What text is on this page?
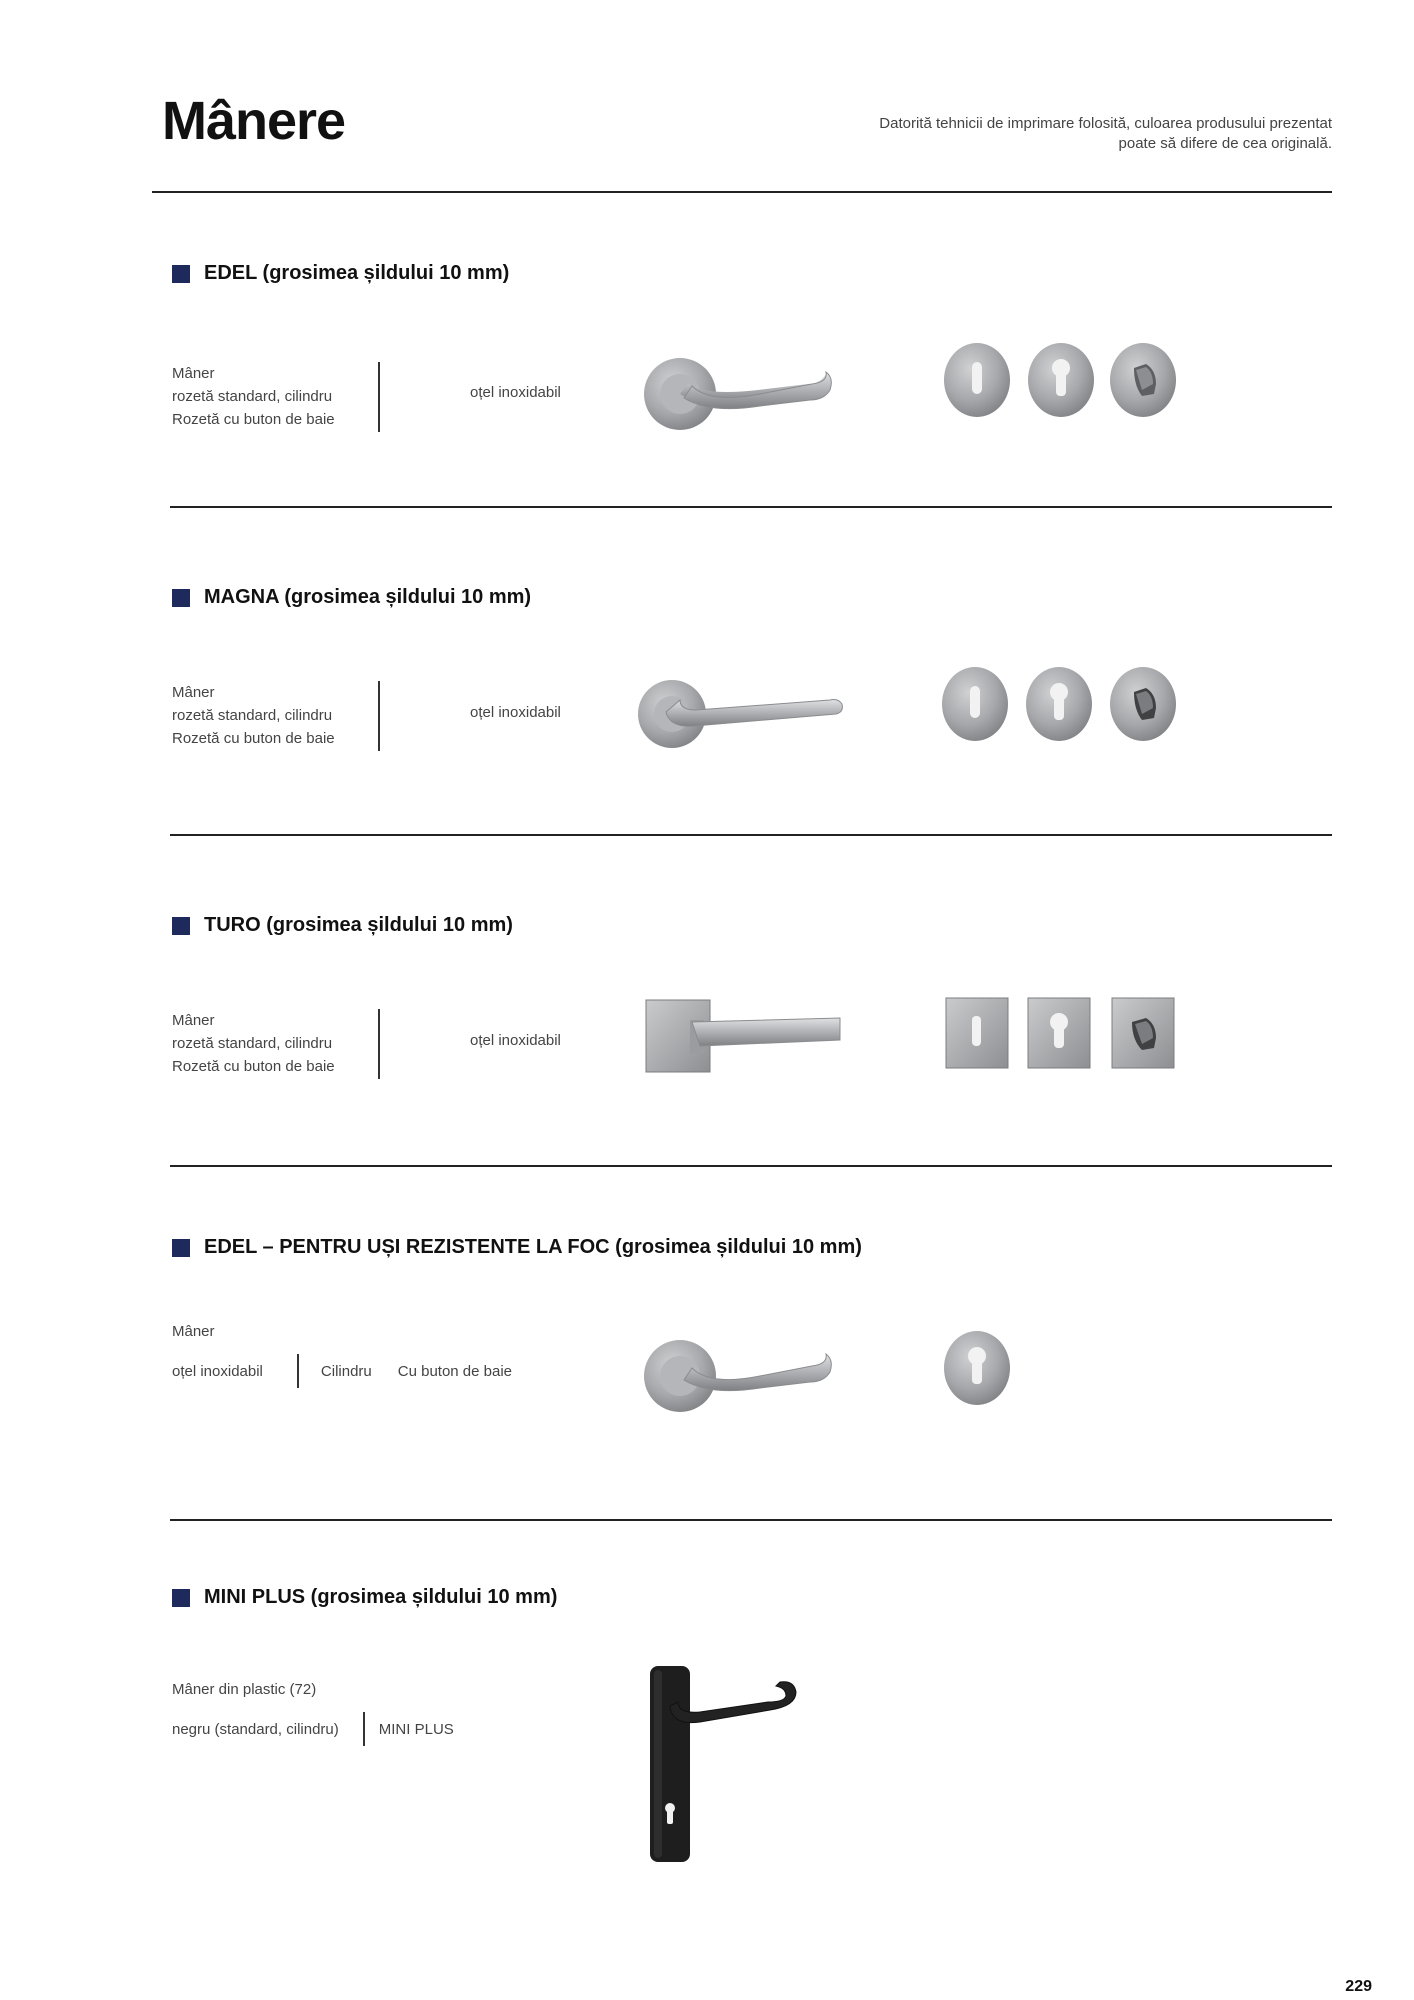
Mânere	Datorită tehnicii de imprimare folosită, culoarea produsului prezentat
poate să difere de cea originală.
EDEL (grosimea șildului 10 mm)
Mâner
rozetă standard, cilindru
Rozetă cu buton de baie
oțel inoxidabil
MAGNA (grosimea șildului 10 mm)
Mâner
rozetă standard, cilindru
Rozetă cu buton de baie
oțel inoxidabil
TURO (grosimea șildului 10 mm)
Mâner
rozetă standard, cilindru
Rozetă cu buton de baie
oțel inoxidabil
EDEL – PENTRU UȘI REZISTENTE LA FOC (grosimea șildului 10 mm)
Mâner
oțel inoxidabil	Cilindru Cu buton de baie
MINI PLUS (grosimea șildului 10 mm)
Mâner din plastic (72)
negru (standard, cilindru)	MINI PLUS
229
